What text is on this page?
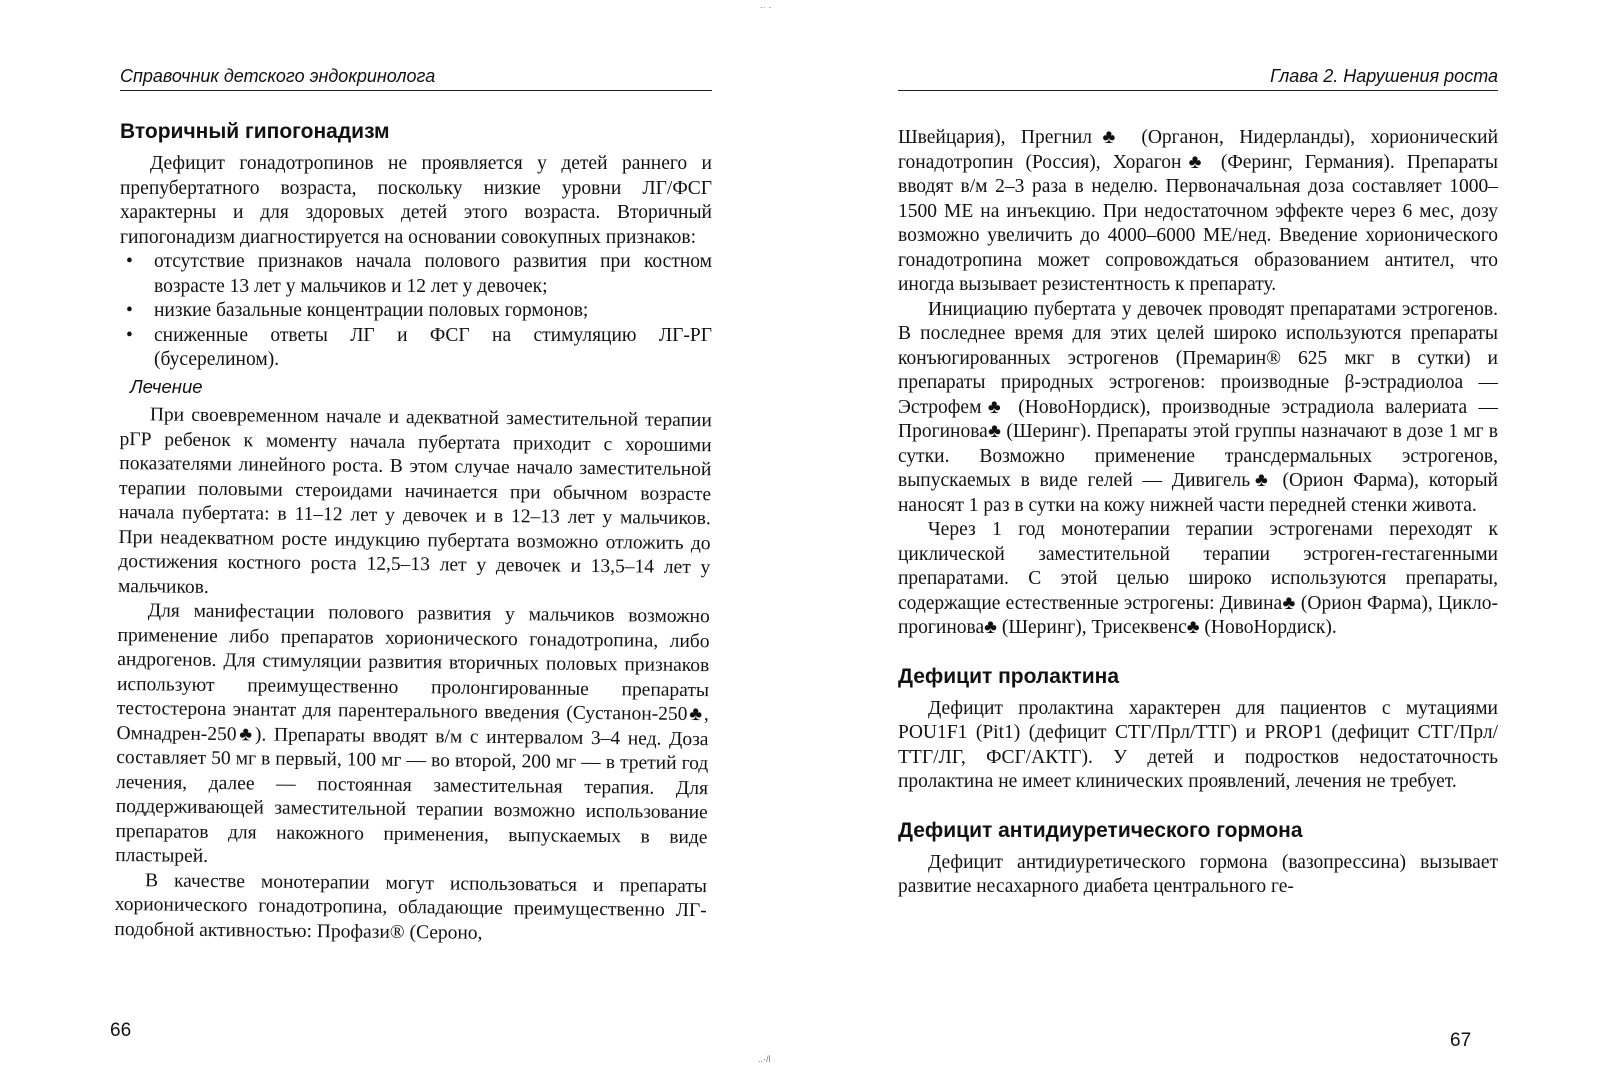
-· -
Справочник детского эндокринолога
Вторичный гипогонадизм

Дефицит гонадотропинов не проявляется у детей раннего и препубертатного возраста, поскольку низкие уровни ЛГ/ФСГ характерны и для здоровых детей этого возраста. Вторичный гипогонадизм диагностируется на основании совокупных признаков:

• отсутствие признаков начала полового развития при костном возрасте 13 лет у мальчиков и 12 лет у девочек;
• низкие базальные концентрации половых гормонов;
• сниженные ответы ЛГ и ФСГ на стимуляцию ЛГ-РГ (бусерелином).
Лечение

При своевременном начале и адекватной заместительной терапии рГР ребенок к моменту начала пубертата приходит с хорошими показателями линейного роста. В этом случае начало заместительной терапии половыми стероидами начинается при обычном возрасте начала пубертата: в 11–12 лет у девочек и в 12–13 лет у мальчиков. При неадекватном росте индукцию пубертата возможно отложить до достижения костного роста 12,5–13 лет у девочек и 13,5–14 лет у мальчиков.

Для манифестации полового развития у мальчиков возможно применение либо препаратов хорионического гонадотропина, либо андрогенов. Для стимуляции развития вторичных половых признаков используют преимущественно пролонгированные препараты тестостерона энантат для парентерального введения (Сустанон-250♣, Омнадрен-250♣). Препараты вводят в/м с интервалом 3–4 нед. Доза составляет 50 мг в первый, 100 мг — во второй, 200 мг — в третий год лечения, далее — постоянная заместительная терапия. Для поддерживающей заместительной терапии возможно использование препаратов для накожного применения, выпускаемых в виде пластырей.

В качестве монотерапии могут использоваться и препараты хорионического гонадотропина, обладающие преимущественно ЛГ-подобной активностью: Профази® (Сероно,

Глава 2. Нарушения роста

Швейцария), Прегнил♣ (Органон, Нидерланды), хорионический гонадотропин (Россия), Хорагон♣ (Феринг, Германия). Препараты вводят в/м 2–3 раза в неделю. Первоначальная доза составляет 1000–1500 МЕ на инъекцию. При недостаточном эффекте через 6 мес, дозу возможно увеличить до 4000–6000 МЕ/нед. Введение хорионического гонадотропина может сопровождаться образованием антител, что иногда вызывает резистентность к препарату.

Инициацию пубертата у девочек проводят препаратами эстрогенов. В последнее время для этих целей широко используются препараты конъюгированных эстрогенов (Премарин® 625 мкг в сутки) и препараты природных эстрогенов: производные β-эстрадиолоа — Эстрофем♣ (НовоНордиск), производные эстрадиола валериата — Прогинова♣ (Шеринг). Препараты этой группы назначают в дозе 1 мг в сутки. Возможно применение трансдермальных эстрогенов, выпускаемых в виде гелей — Дивигель♣ (Орион Фарма), который наносят 1 раз в сутки на кожу нижней части передней стенки живота.

Через 1 год монотерапии терапии эстрогенами переходят к циклической заместительной терапии эстроген-гестагенными препаратами. С этой целью широко используются препараты, содержащие естественные эстрогены: Дивина♣ (Орион Фарма), Цикло-прогинова♣ (Шеринг), Трисеквенс♣ (НовоНордиск).

Дефицит пролактина

Дефицит пролактина характерен для пациентов с мутациями POU1F1 (Pit1) (дефицит СТГ/Прл/ТТГ) и PROP1 (дефицит СТГ/Прл/ТТГ/ЛГ, ФСГ/АКТГ). У детей и подростков недостаточность пролактина не имеет клинических проявлений, лечения не требует.

Дефицит антидиуретического гормона

Дефицит антидиуретического гормона (вазопрессина) вызывает развитие несахарного диабета центрального ге-

66	67
..·/l
